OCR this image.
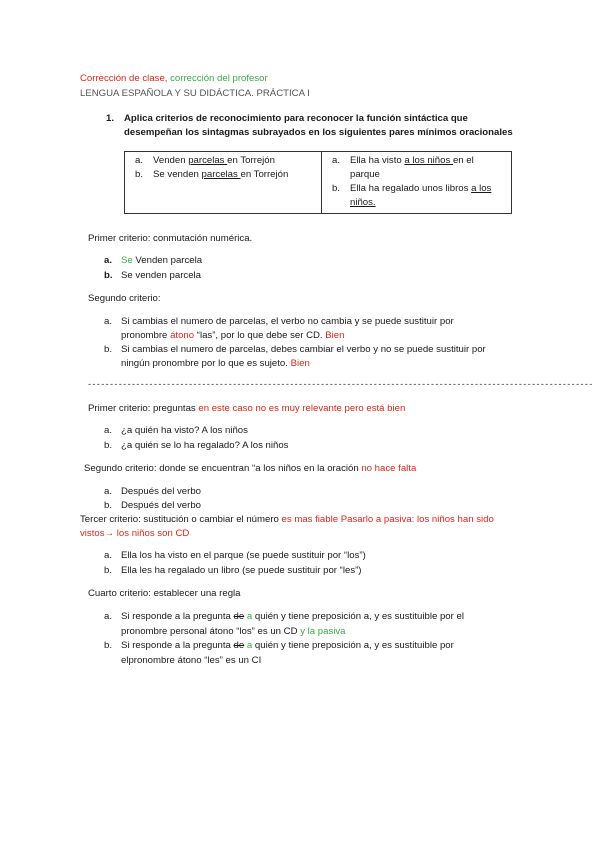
Corrección de clase, corrección del profesor
LENGUA ESPAÑOLA Y SU DIDÁCTICA. PRÁCTICA I
1. Aplica criterios de reconocimiento para reconocer la función sintáctica que
desempeñan los sintagmas subrayados en los siguientes pares mínimos oracionales
a. Venden parcelas en Torrejón
b. Se venden parcelas en Torrejón

a. Ella ha visto a los niños en el
parque
b. Ella ha regalado unos libros a los
niños.
Primer criterio: conmutación numérica.
a. Se Venden parcela
b. Se venden parcela
Segundo criterio:
a. Si cambias el numero de parcelas, el verbo no cambia y se puede sustituir por
pronombre átono “las”, por lo que debe ser CD. Bien
b. Si cambias el numero de parcelas, debes cambiar el verbo y no se puede sustituir por
ningún pronombre por lo que es sujeto. Bien
-------------------------------------------------------------------------------------------------------------------
Primer criterio: preguntas en este caso no es muy relevante pero está bien
a. ¿a quién ha visto? A los niños
b. ¿a quién se lo ha regalado? A los niños
Segundo criterio: donde se encuentran “a los niños en la oración no hace falta
a. Después del verbo
b. Después del verbo
Tercer criterio: sustitución o cambiar el número es mas fiable Pasarlo a pasiva: los niños han sido
vistos→ los niños son CD
a. Ella los ha visto en el parque (se puede sustituir por “los”)
b. Ella les ha regalado un libro (se puede sustituir por “les”)
Cuarto criterio: establecer una regla
a. Si responde a la pregunta de a quién y tiene preposición a, y es sustituible por el
pronombre personal átono “los” es un CD y la pasiva
b. Si responde a la pregunta de a quién y tiene preposición a, y es sustituible por
elpronombre átono “les” es un CI
